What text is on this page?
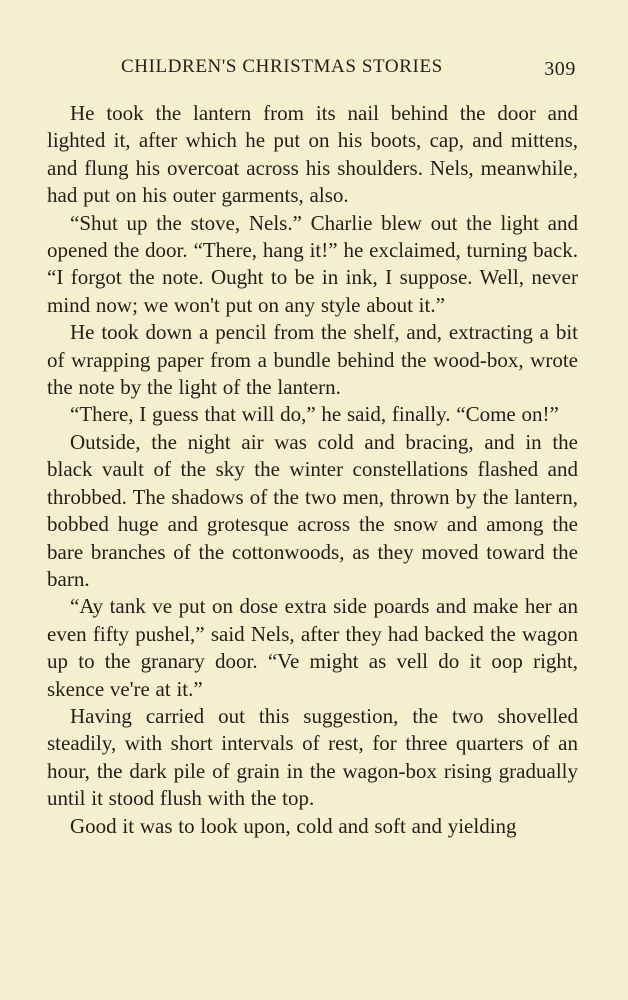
CHILDREN'S CHRISTMAS STORIES	309

He took the lantern from its nail behind the door and lighted it, after which he put on his boots, cap, and mittens, and flung his overcoat across his shoulders. Nels, meanwhile, had put on his outer garments, also.

“Shut up the stove, Nels.” Charlie blew out the light and opened the door. “There, hang it!” he exclaimed, turning back. “I forgot the note. Ought to be in ink, I suppose. Well, never mind now; we won't put on any style about it.”

He took down a pencil from the shelf, and, extracting a bit of wrapping paper from a bundle behind the wood-box, wrote the note by the light of the lantern.

“There, I guess that will do,” he said, finally. “Come on!”

Outside, the night air was cold and bracing, and in the black vault of the sky the winter constellations flashed and throbbed. The shadows of the two men, thrown by the lantern, bobbed huge and grotesque across the snow and among the bare branches of the cottonwoods, as they moved toward the barn.

“Ay tank ve put on dose extra side poards and make her an even fifty pushel,” said Nels, after they had backed the wagon up to the granary door. “Ve might as vell do it oop right, skence ve're at it.”

Having carried out this suggestion, the two shovelled steadily, with short intervals of rest, for three quarters of an hour, the dark pile of grain in the wagon-box rising gradually until it stood flush with the top.

Good it was to look upon, cold and soft and yielding
